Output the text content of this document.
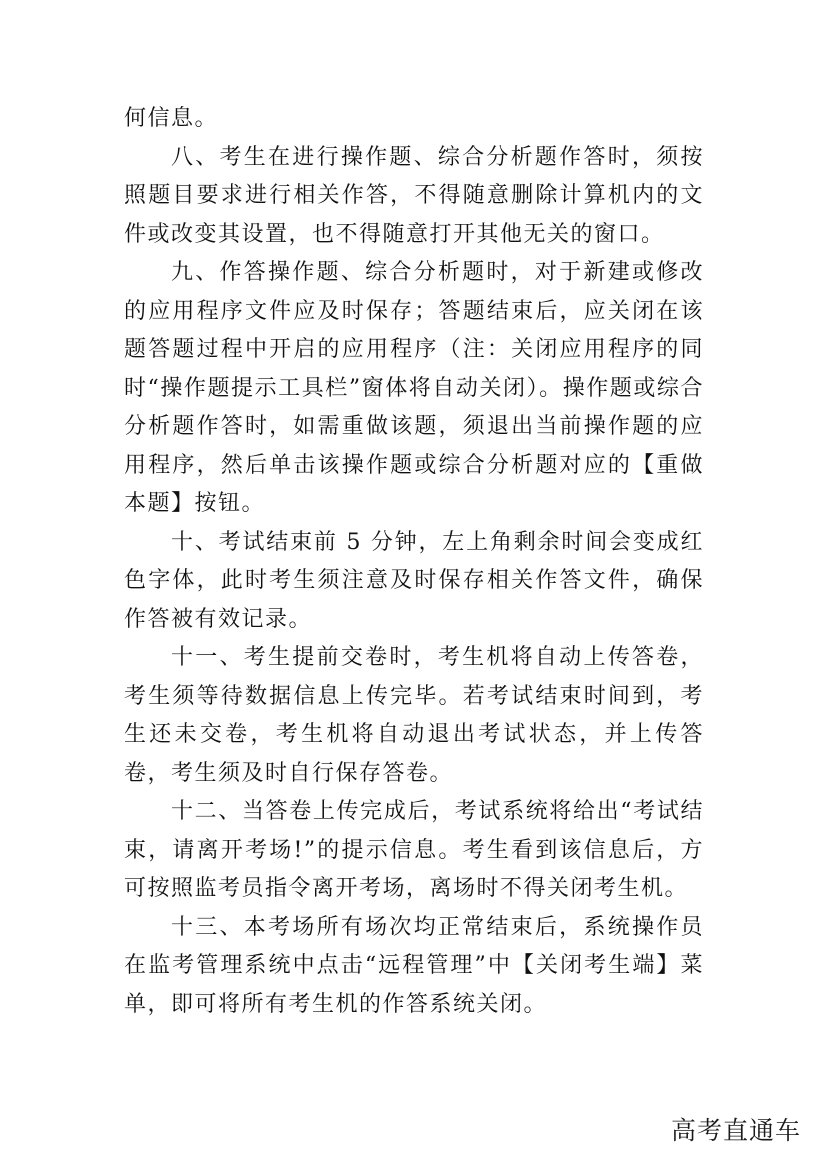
何信息。

八、考生在进行操作题、综合分析题作答时，须按照题目要求进行相关作答，不得随意删除计算机内的文件或改变其设置，也不得随意打开其他无关的窗口。

九、作答操作题、综合分析题时，对于新建或修改的应用程序文件应及时保存；答题结束后，应关闭在该题答题过程中开启的应用程序（注：关闭应用程序的同时“操作题提示工具栏”窗体将自动关闭）。操作题或综合分析题作答时，如需重做该题，须退出当前操作题的应用程序，然后单击该操作题或综合分析题对应的【重做本题】按钮。

十、考试结束前 5 分钟，左上角剩余时间会变成红色字体，此时考生须注意及时保存相关作答文件，确保作答被有效记录。

十一、考生提前交卷时，考生机将自动上传答卷，考生须等待数据信息上传完毕。若考试结束时间到，考生还未交卷，考生机将自动退出考试状态，并上传答卷，考生须及时自行保存答卷。

十二、当答卷上传完成后，考试系统将给出“考试结束，请离开考场!”的提示信息。考生看到该信息后，方可按照监考员指令离开考场，离场时不得关闭考生机。

十三、本考场所有场次均正常结束后，系统操作员在监考管理系统中点击“远程管理”中【关闭考生端】菜单，即可将所有考生机的作答系统关闭。

高考直通车
